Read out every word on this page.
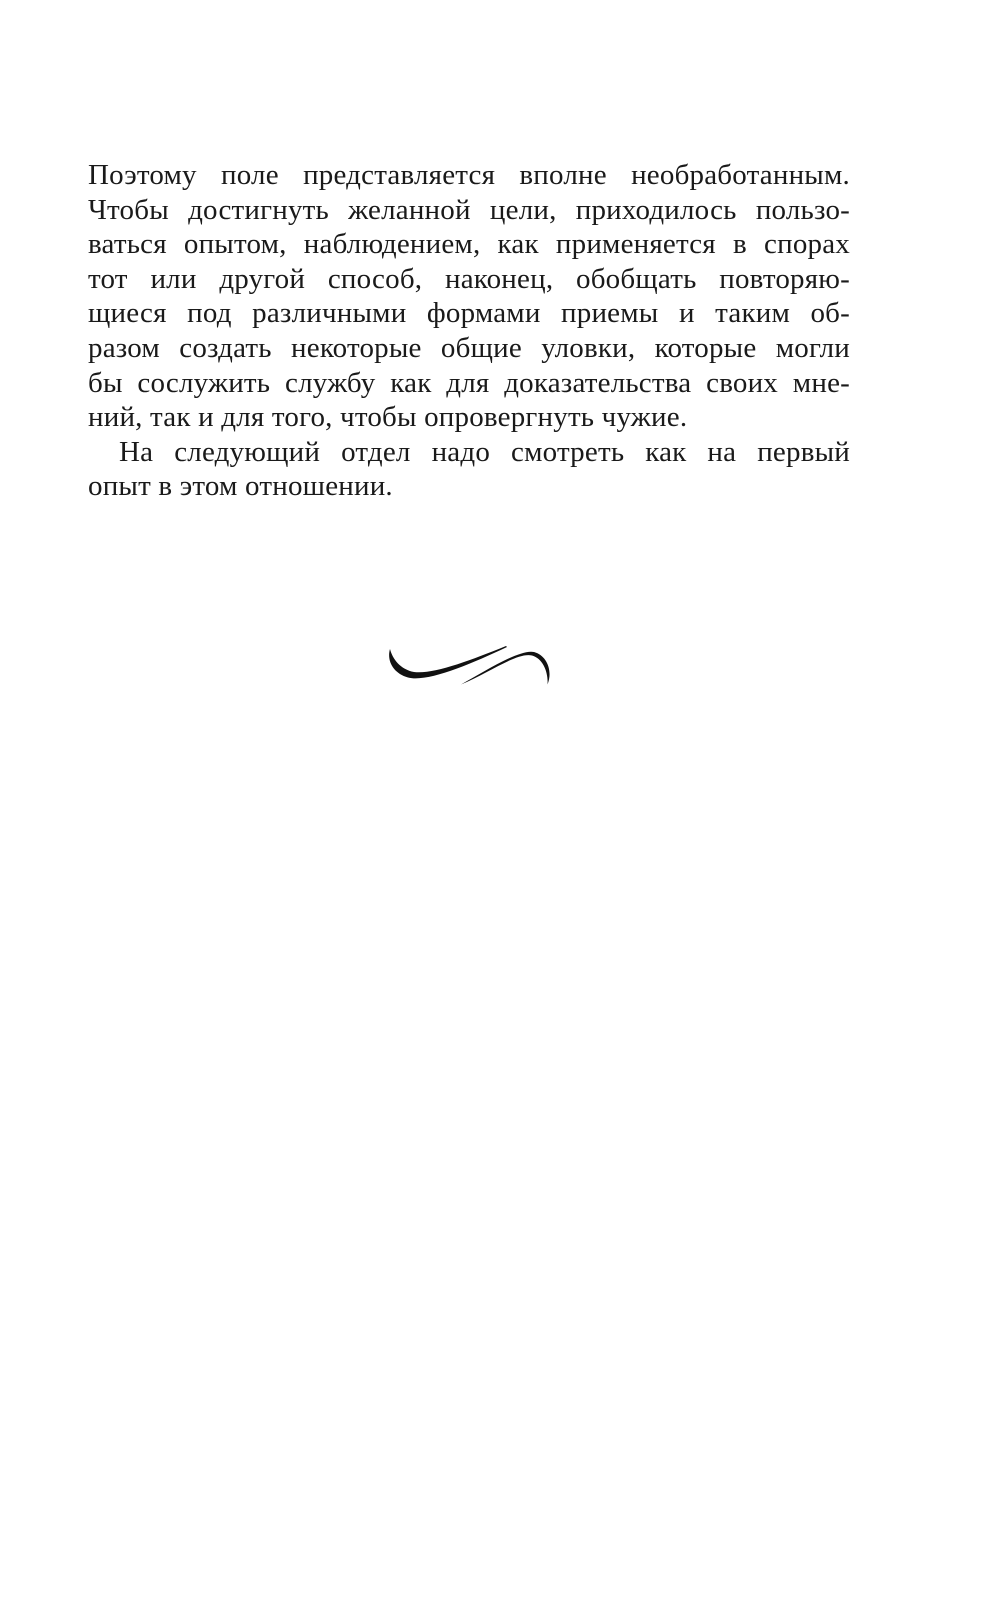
Поэтому поле представляется вполне необработанным.
Чтобы достигнуть желанной цели, приходилось пользо-
ваться опытом, наблюдением, как применяется в спорах
тот или другой способ, наконец, обобщать повторяю-
щиеся под различными формами приемы и таким об-
разом создать некоторые общие уловки, которые могли
бы сослужить службу как для доказательства своих мне-
ний, так и для того, чтобы опровергнуть чужие.
На следующий отдел надо смотреть как на первый
опыт в этом отношении.
